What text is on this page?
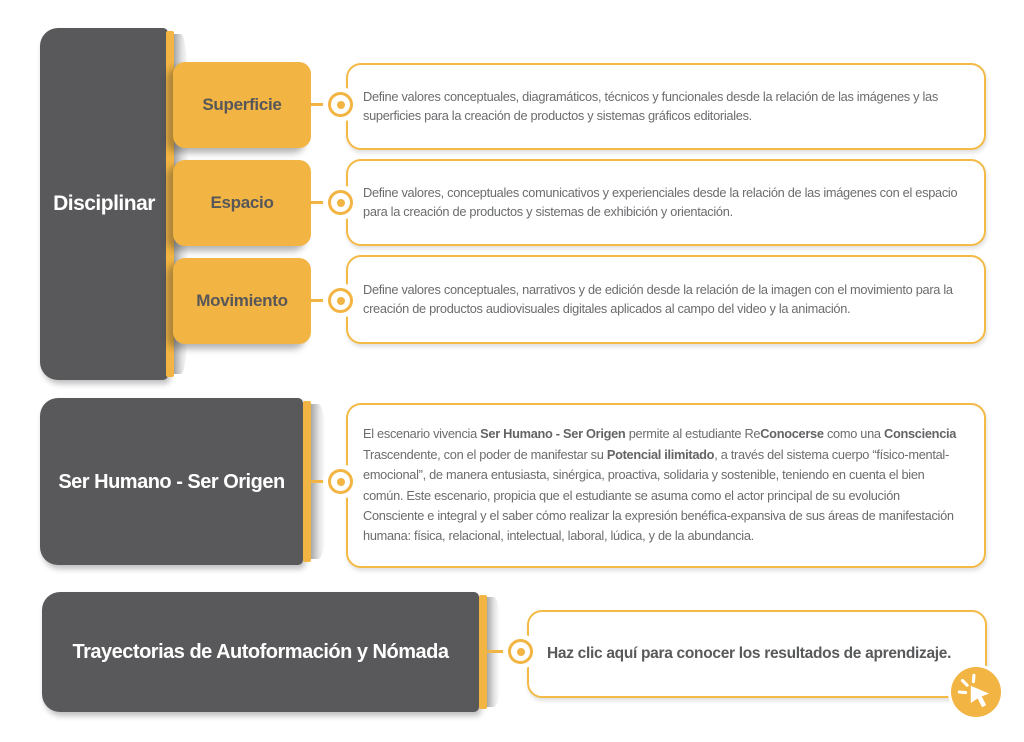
Disciplinar
Superficie	Define valores conceptuales, diagramáticos, técnicos y funcionales desde la relación de las imágenes y las superficies para la creación de productos y sistemas gráficos editoriales.

Espacio

Define valores, conceptuales comunicativos y experienciales desde la relación de las imágenes con el espacio para la creación de productos y sistemas de exhibición y orientación.

Movimiento

Define valores conceptuales, narrativos y de edición desde la relación de la imagen con el movimiento para la creación de productos audiovisuales digitales aplicados al campo del video y la animación.

Ser Humano - Ser Origen

El escenario vivencia Ser Humano - Ser Origen permite al estudiante ReConocerse como una Consciencia Trascendente, con el poder de manifestar su Potencial ilimitado, a través del sistema cuerpo “físico-mental-emocional”, de manera entusiasta, sinérgica, proactiva, solidaria y sostenible, teniendo en cuenta el bien común. Este escenario, propicia que el estudiante se asuma como el actor principal de su evolución Consciente e integral y el saber cómo realizar la expresión benéfica-expansiva de sus áreas de manifestación humana: física, relacional, intelectual, laboral, lúdica, y de la abundancia.

Trayectorias de Autoformación y Nómada	Haz clic aquí para conocer los resultados de aprendizaje.
